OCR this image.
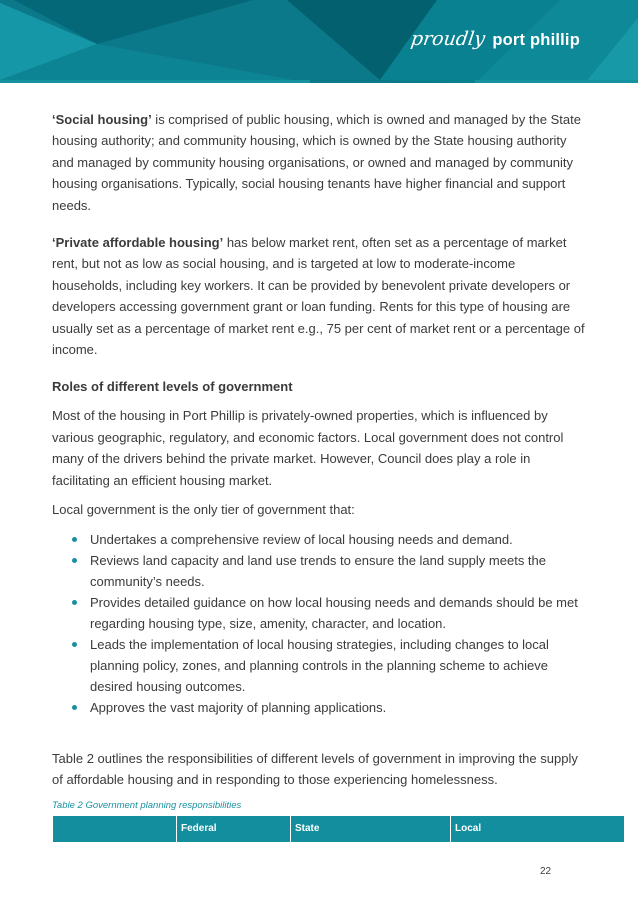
proudly port phillip

‘Social housing’ is comprised of public housing, which is owned and managed by the State housing authority; and community housing, which is owned by the State housing authority and managed by community housing organisations, or owned and managed by community housing organisations. Typically, social housing tenants have higher financial and support needs.

‘Private affordable housing’ has below market rent, often set as a percentage of market rent, but not as low as social housing, and is targeted at low to moderate-income households, including key workers. It can be provided by benevolent private developers or developers accessing government grant or loan funding. Rents for this type of housing are usually set as a percentage of market rent e.g., 75 per cent of market rent or a percentage of income.

Roles of different levels of government

Most of the housing in Port Phillip is privately-owned properties, which is influenced by various geographic, regulatory, and economic factors. Local government does not control many of the drivers behind the private market. However, Council does play a role in facilitating an efficient housing market.

Local government is the only tier of government that:

Undertakes a comprehensive review of local housing needs and demand.
Reviews land capacity and land use trends to ensure the land supply meets the community’s needs.
Provides detailed guidance on how local housing needs and demands should be met regarding housing type, size, amenity, character, and location.
Leads the implementation of local housing strategies, including changes to local planning policy, zones, and planning controls in the planning scheme to achieve desired housing outcomes.
Approves the vast majority of planning applications.

Table 2 outlines the responsibilities of different levels of government in improving the supply of affordable housing and in responding to those experiencing homelessness.

Table 2 Government planning responsibilities

	Federal	State	Local
22
